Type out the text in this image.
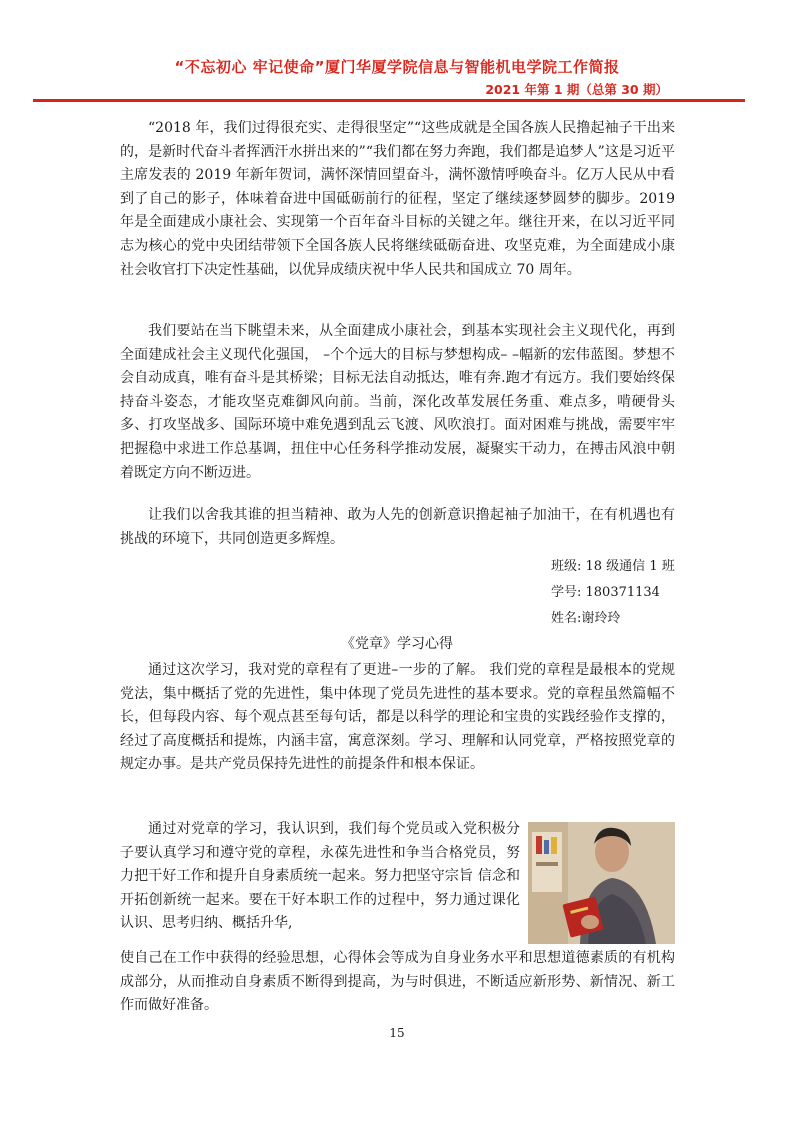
“不忘初心 牢记使命”厦门华厦学院信息与智能机电学院工作简报
2021 年第 1 期（总第 30 期）

“2018 年，我们过得很充实、走得很坚定”“这些成就是全国各族人民撸起袖子干出来的，是新时代奋斗者挥洒汗水拼出来的”“我们都在努力奔跑，我们都是追梦人”这是习近平主席发表的 2019 年新年贺词，满怀深情回望奋斗，满怀激情呼唤奋斗。亿万人民从中看到了自己的影子，体味着奋进中国砥砺前行的征程，坚定了继续逐梦圆梦的脚步。2019 年是全面建成小康社会、实现第一个百年奋斗目标的关键之年。继往开来，在以习近平同志为核心的党中央团结带领下全国各族人民将继续砥砺奋进、攻坚克难，为全面建成小康社会收官打下决定性基础，以优异成绩庆祝中华人民共和国成立 70 周年。

我们要站在当下眺望未来，从全面建成小康社会，到基本实现社会主义现代化，再到全面建成社会主义现代化强国， –个个远大的目标与梦想构成– –幅新的宏伟蓝图。梦想不会自动成真，唯有奋斗是其桥梁；目标无法自动抵达，唯有奔.跑才有远方。我们要始终保持奋斗姿态，才能攻坚克难御风向前。当前，深化改革发展任务重、难点多，啃硬骨头多、打攻坚战多、国际环境中难免遇到乱云飞渡、风吹浪打。面对困难与挑战，需要牢牢把握稳中求进工作总基调，扭住中心任务科学推动发展，凝聚实干动力，在搏击风浪中朝着既定方向不断迈进。

让我们以舍我其谁的担当精神、敢为人先的创新意识撸起袖子加油干，在有机遇也有挑战的环境下，共同创造更多辉煌。

班级: 18 级通信 1 班
学号: 180371134
姓名:谢玲玲
《党章》学习心得

通过这次学习，我对党的章程有了更进–一步的了解。 我们党的章程是最根本的党规党法，集中概括了党的先进性，集中体现了党员先进性的基本要求。党的章程虽然篇幅不长，但每段内容、每个观点甚至每句话，都是以科学的理论和宝贵的实践经验作支撑的，经过了高度概括和提炼，内涵丰富，寓意深刻。学习、理解和认同党章，严格按照党章的规定办事。是共产党员保持先进性的前提条件和根本保证。

通过对党章的学习，我认识到，我们每个党员或入党积极分子要认真学习和遵守党的章程，永葆先进性和争当合格党员，努力把干好工作和提升自身素质统一起来。努力把坚守宗旨 信念和开拓创新统一起来。要在干好本职工作的过程中，努力通过课化认识、思考归纳、概括升华,

使自己在工作中获得的经验思想，心得体会等成为自身业务水平和思想道德素质的有机构成部分，从而推动自身素质不断得到提高，为与时俱进，不断适应新形势、新情况、新工作而做好准备。

15
